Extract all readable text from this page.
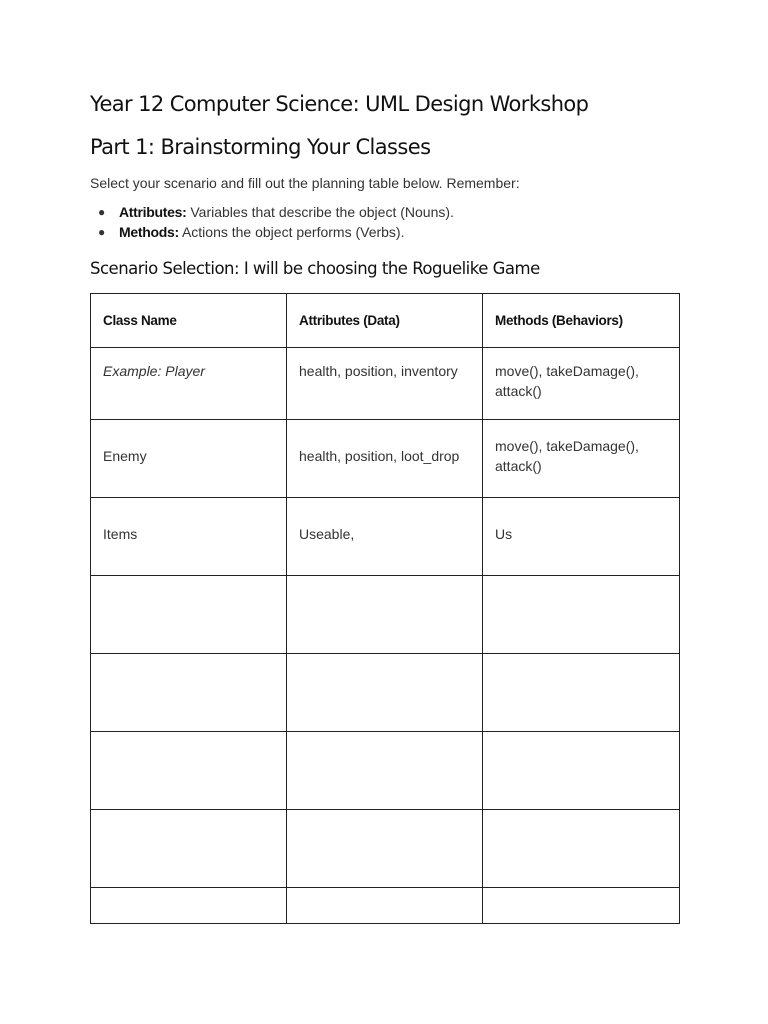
Year 12 Computer Science: UML Design Workshop
Part 1: Brainstorming Your Classes

Select your scenario and fill out the planning table below. Remember:

● Attributes: Variables that describe the object (Nouns).
● Methods: Actions the object performs (Verbs).
Scenario Selection: I will be choosing the Roguelike Game
Class Name	Attributes (Data)	Methods (Behaviors)

Example: Player	health, position, inventory	move(), takeDamage(), attack()

Enemy	health, position, loot_drop	move(), takeDamage(), attack()

Items	Useable,	Us
